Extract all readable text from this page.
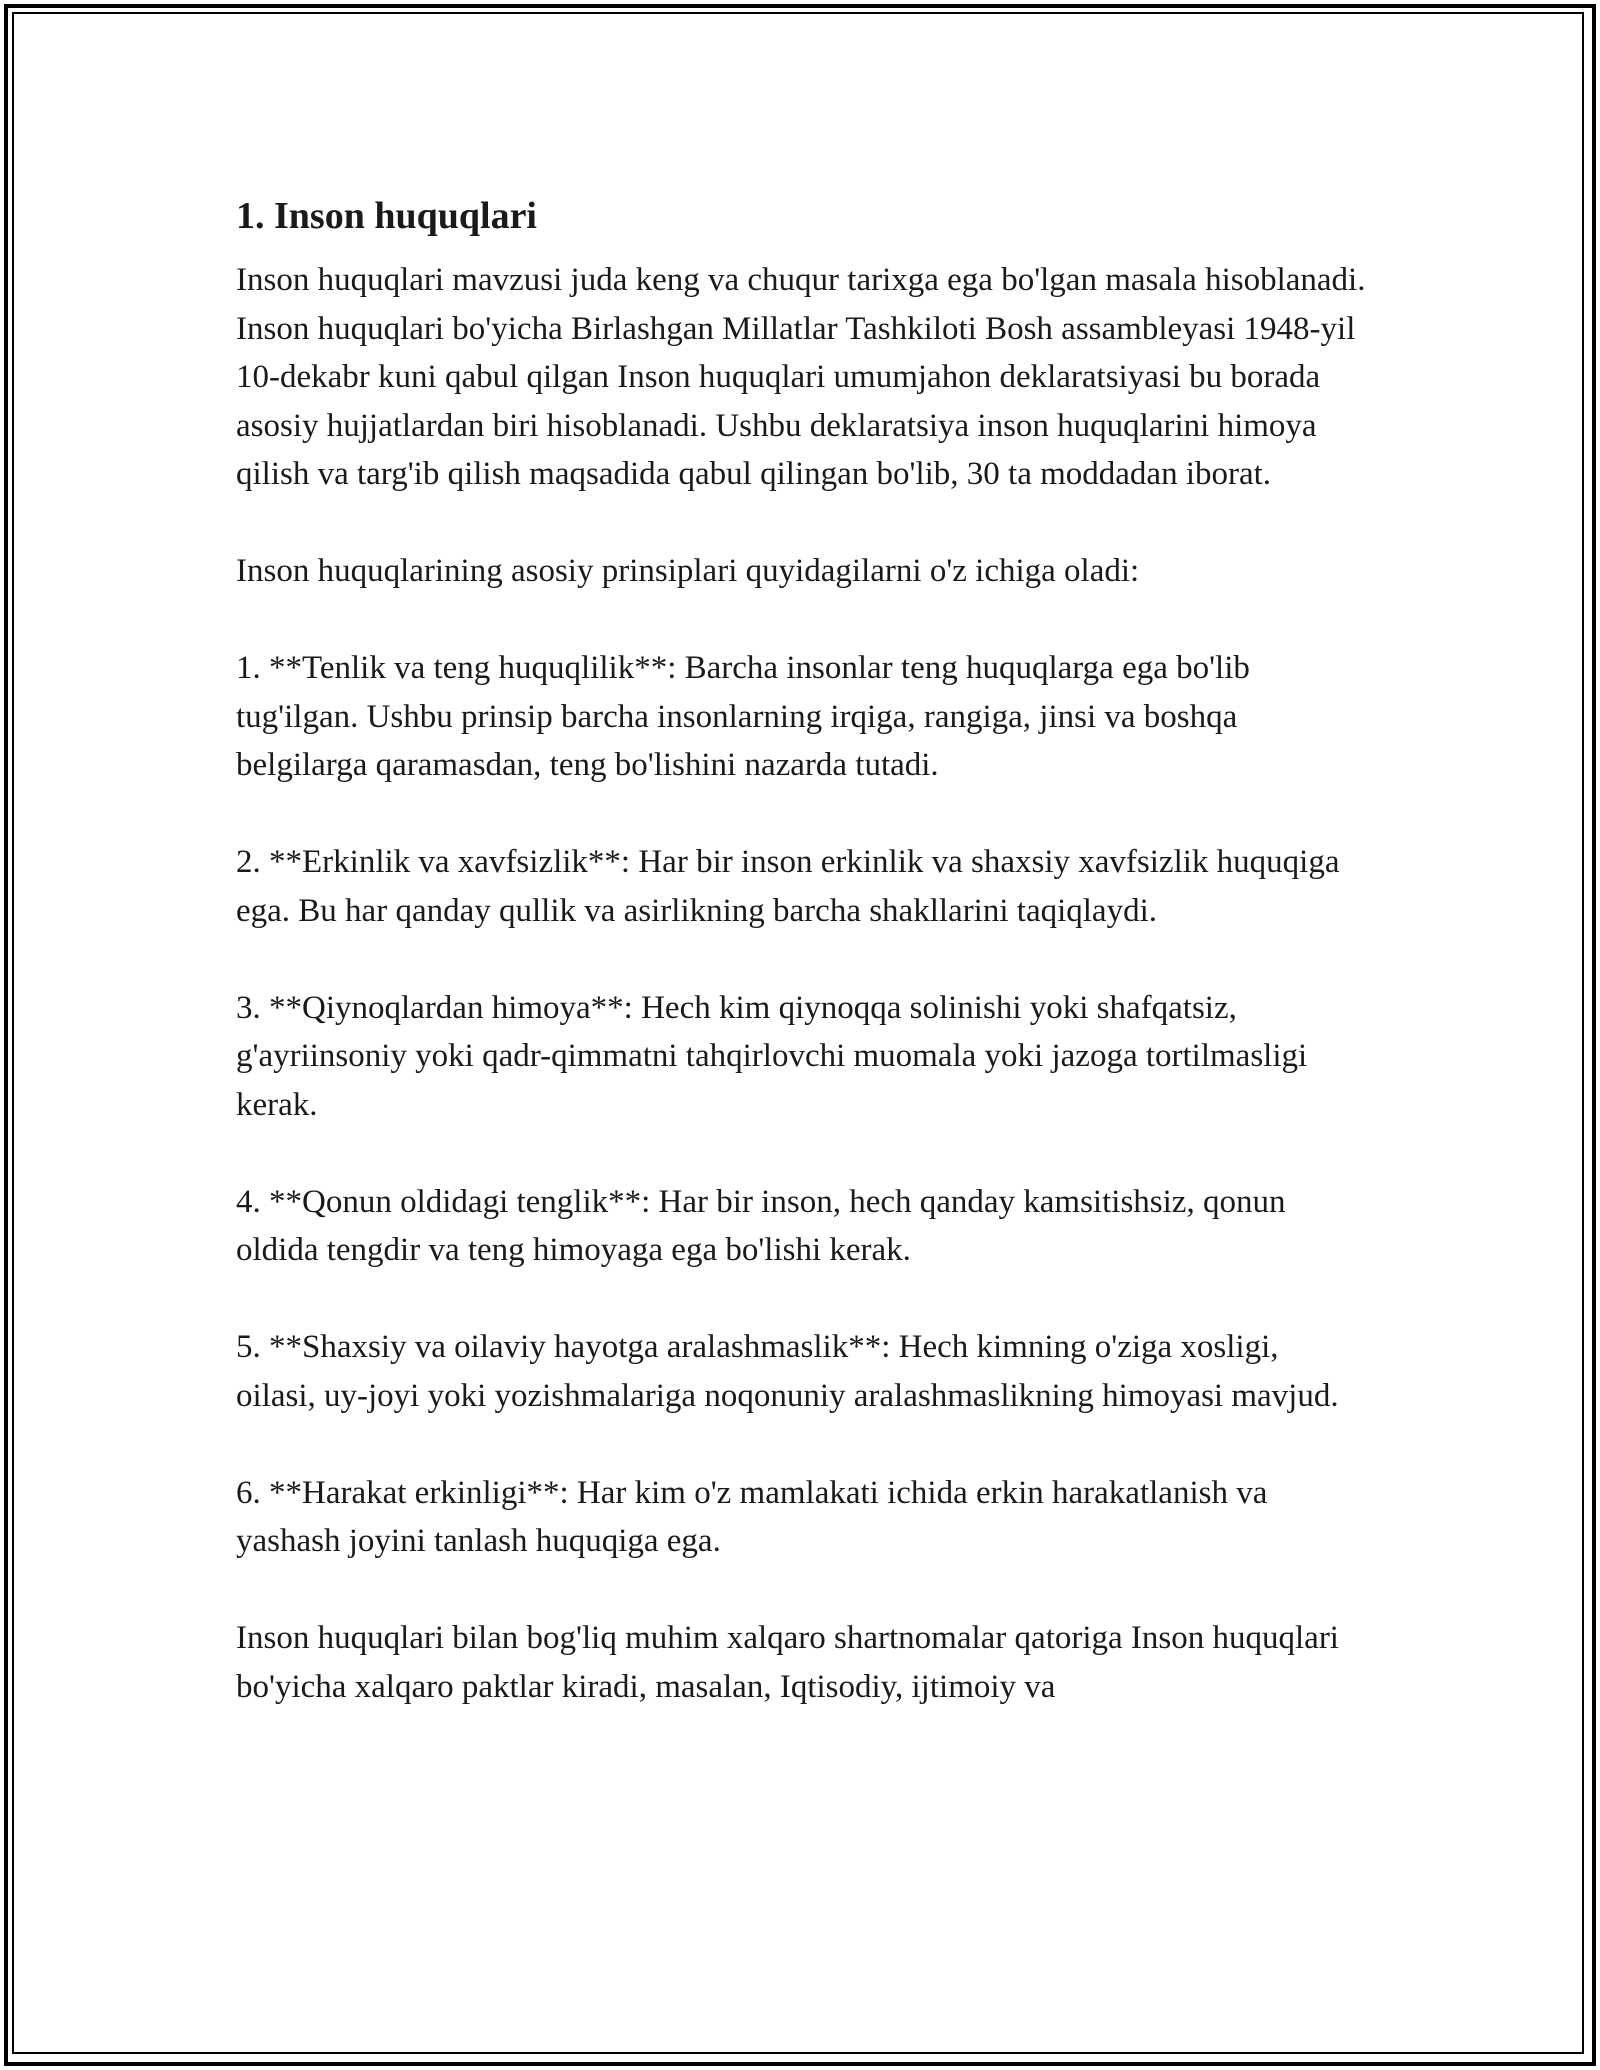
1. Inson huquqlari

Inson huquqlari mavzusi juda keng va chuqur tarixga ega bo'lgan masala hisoblanadi. Inson huquqlari bo'yicha Birlashgan Millatlar Tashkiloti Bosh assambleyasi 1948-yil 10-dekabr kuni qabul qilgan Inson huquqlari umumjahon deklaratsiyasi bu borada asosiy hujjatlardan biri hisoblanadi. Ushbu deklaratsiya inson huquqlarini himoya qilish va targ'ib qilish maqsadida qabul qilingan bo'lib, 30 ta moddadan iborat.

Inson huquqlarining asosiy prinsiplari quyidagilarni o'z ichiga oladi:

1. **Tenlik va teng huquqlilik**: Barcha insonlar teng huquqlarga ega bo'lib tug'ilgan. Ushbu prinsip barcha insonlarning irqiga, rangiga, jinsi va boshqa belgilarga qaramasdan, teng bo'lishini nazarda tutadi.

2. **Erkinlik va xavfsizlik**: Har bir inson erkinlik va shaxsiy xavfsizlik huquqiga ega. Bu har qanday qullik va asirlikning barcha shakllarini taqiqlaydi.

3. **Qiynoqlardan himoya**: Hech kim qiynoqqa solinishi yoki shafqatsiz, g'ayriinsoniy yoki qadr-qimmatni tahqirlovchi muomala yoki jazoga tortilmasligi kerak.

4. **Qonun oldidagi tenglik**: Har bir inson, hech qanday kamsitishsiz, qonun oldida tengdir va teng himoyaga ega bo'lishi kerak.

5. **Shaxsiy va oilaviy hayotga aralashmaslik**: Hech kimning o'ziga xosligi, oilasi, uy-joyi yoki yozishmalariga noqonuniy aralashmaslikning himoyasi mavjud.

6. **Harakat erkinligi**: Har kim o'z mamlakati ichida erkin harakatlanish va yashash joyini tanlash huquqiga ega.

Inson huquqlari bilan bog'liq muhim xalqaro shartnomalar qatoriga Inson huquqlari bo'yicha xalqaro paktlar kiradi, masalan, Iqtisodiy, ijtimoiy va
